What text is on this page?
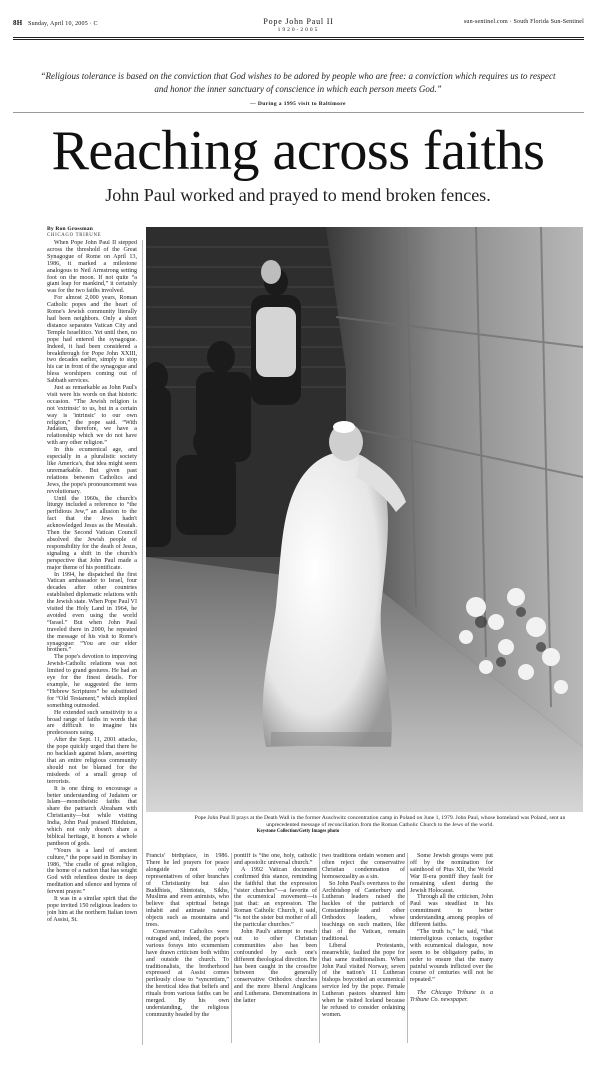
8H Sunday, April 10, 2005 · C	Pope John Paul II
1920-2005
sun-sentinel.com · South Florida Sun-Sentinel
“Religious tolerance is based on the conviction that God wishes to be adored by people who are free: a conviction which requires us to respect and honor the inner sanctuary of conscience in which each person meets God.”
— During a 1995 visit to Baltimore
Reaching across faiths
John Paul worked and prayed to mend broken fences.
By Ron Grossman
CHICAGO TRIBUNE

When Pope John Paul II stepped across the threshold of the Great Synagogue of Rome on April 13, 1986, it marked a milestone analogous to Neil Armstrong setting foot on the moon. If not quite “a giant leap for mankind,” it certainly was for the two faiths involved.

For almost 2,000 years, Roman Catholic popes and the heart of Rome's Jewish community literally had been neighbors. Only a short distance separates Vatican City and Temple Israelitico. Yet until then, no pope had entered the synagogue. Indeed, it had been considered a breakthrough for Pope John XXIII, two decades earlier, simply to stop his car in front of the synagogue and bless worshipers coming out of Sabbath services.

Just as remarkable as John Paul's visit were his words on that historic occasion. “The Jewish religion is not 'extrinsic' to us, but in a certain way is 'intrinsic' to our own religion,” the pope said. “With Judaism, therefore, we have a relationship which we do not have with any other religion.”

In this ecumenical age, and especially in a pluralistic society like America's, that idea might seem unremarkable. But given past relations between Catholics and Jews, the pope's pronouncement was revolutionary.

Until the 1960s, the church's liturgy included a reference to “the perfidious Jew,” an allusion to the fact that the Jews hadn't acknowledged Jesus as the Messiah. Then the Second Vatican Council absolved the Jewish people of responsibility for the death of Jesus, signaling a shift in the church's perspective that John Paul made a major theme of his pontificate.

In 1994, he dispatched the first Vatican ambassador to Israel, four decades after other countries established diplomatic relations with the Jewish state. When Pope Paul VI visited the Holy Land in 1964, he avoided even using the world “Israel.” But when John Paul traveled there in 2000, he repeated the message of his visit to Rome's synagogue: “You are our elder brothers.”

The pope's devotion to improving Jewish-Catholic relations was not limited to grand gestures. He had an eye for the finest details. For example, he suggested the term “Hebrew Scriptures” be substituted for “Old Testament,” which implied something outmoded.

He extended such sensitivity to a broad range of faiths in words that are difficult to imagine his predecessors using.

After the Sept. 11, 2001 attacks, the pope quickly urged that there be no backlash against Islam, asserting that an entire religious community should not be blamed for the misdeeds of a small group of terrorists.

It is one thing to encourage a better understanding of Judaism or Islam—monotheistic faiths that share the patriarch Abraham with Christianity—but while visiting India, John Paul praised Hinduism, which not only doesn't share a biblical heritage, it honors a whole pantheon of gods.

“Yours is a land of ancient culture,” the pope said in Bombay in 1986, “the cradle of great religion, the home of a nation that has sought God with relentless desire in deep meditation and silence and hymns of fervent prayer.”

It was in a similar spirit that the pope invited 150 religious leaders to join him at the northern Italian town of Assisi, St.

Pope John Paul II prays at the Death Wall in the former Auschwitz concentration camp in Poland on June 1, 1979. John Paul, whose homeland was Poland, sent an unprecedented message of reconciliation from the Roman Catholic Church to the Jews of the world.
Keystone Collection/Getty Images photo

Francis' birthplace, in 1986. There he led prayers for peace alongside not only representatives of other branches of Christianity but also Buddhists, Shintoists, Sikhs, Muslims and even animists, who believe that spiritual beings inhabit and animate natural objects such as mountains and trees.

Conservative Catholics were outraged and, indeed, the pope's various forays into ecumenism have drawn criticism both within and outside the church. To traditionalists, the brotherhood expressed at Assisi comes perilously close to “syncretism,” the heretical idea that beliefs and rituals from various faiths can be merged. By his own understanding, the religious community headed by the

pontiff is “the one, holy, catholic and apostolic universal church.”

A 1992 Vatican document confirmed this stance, reminding the faithful that the expression “sister churches”—a favorite of the ecumenical movement—is just that: an expression. The Roman Catholic Church, it said, “is not the sister but mother of all the particular churches.”

John Paul's attempt to reach out to other Christian communities also has been confounded by each one's different theological direction. He has been caught in the crossfire between the generally conservative Orthodox churches and the more liberal Anglicans and Lutherans. Denominations in the latter

two traditions ordain women and often reject the conservative Christian condemnation of homosexuality as a sin.

So John Paul's overtures to the Archbishop of Canterbury and Lutheran leaders raised the hackles of the patriarch of Constantinople and other Orthodox leaders, whose teachings on such matters, like that of the Vatican, remain traditional.

Liberal Protestants, meanwhile, faulted the pope for that same traditionalism. When John Paul visited Norway, seven of the nation's 11 Lutheran bishops boycotted an ecumenical service led by the pope. Female Lutheran pastors shunned him when he visited Iceland because he refused to consider ordaining women.

Some Jewish groups were put off by the nomination for sainthood of Pius XII, the World War II-era pontiff they fault for remaining silent during the Jewish Holocaust.

Through all the criticism, John Paul was steadfast in his commitment to better understanding among peoples of different faiths.

“The truth is,” he said, “that interreligious contacts, together with ecumenical dialogue, now seem to be obligatory paths, in order to ensure that the many painful wounds inflicted over the course of centuries will not be repeated.”

The Chicago Tribune is a Tribune Co. newspaper.
